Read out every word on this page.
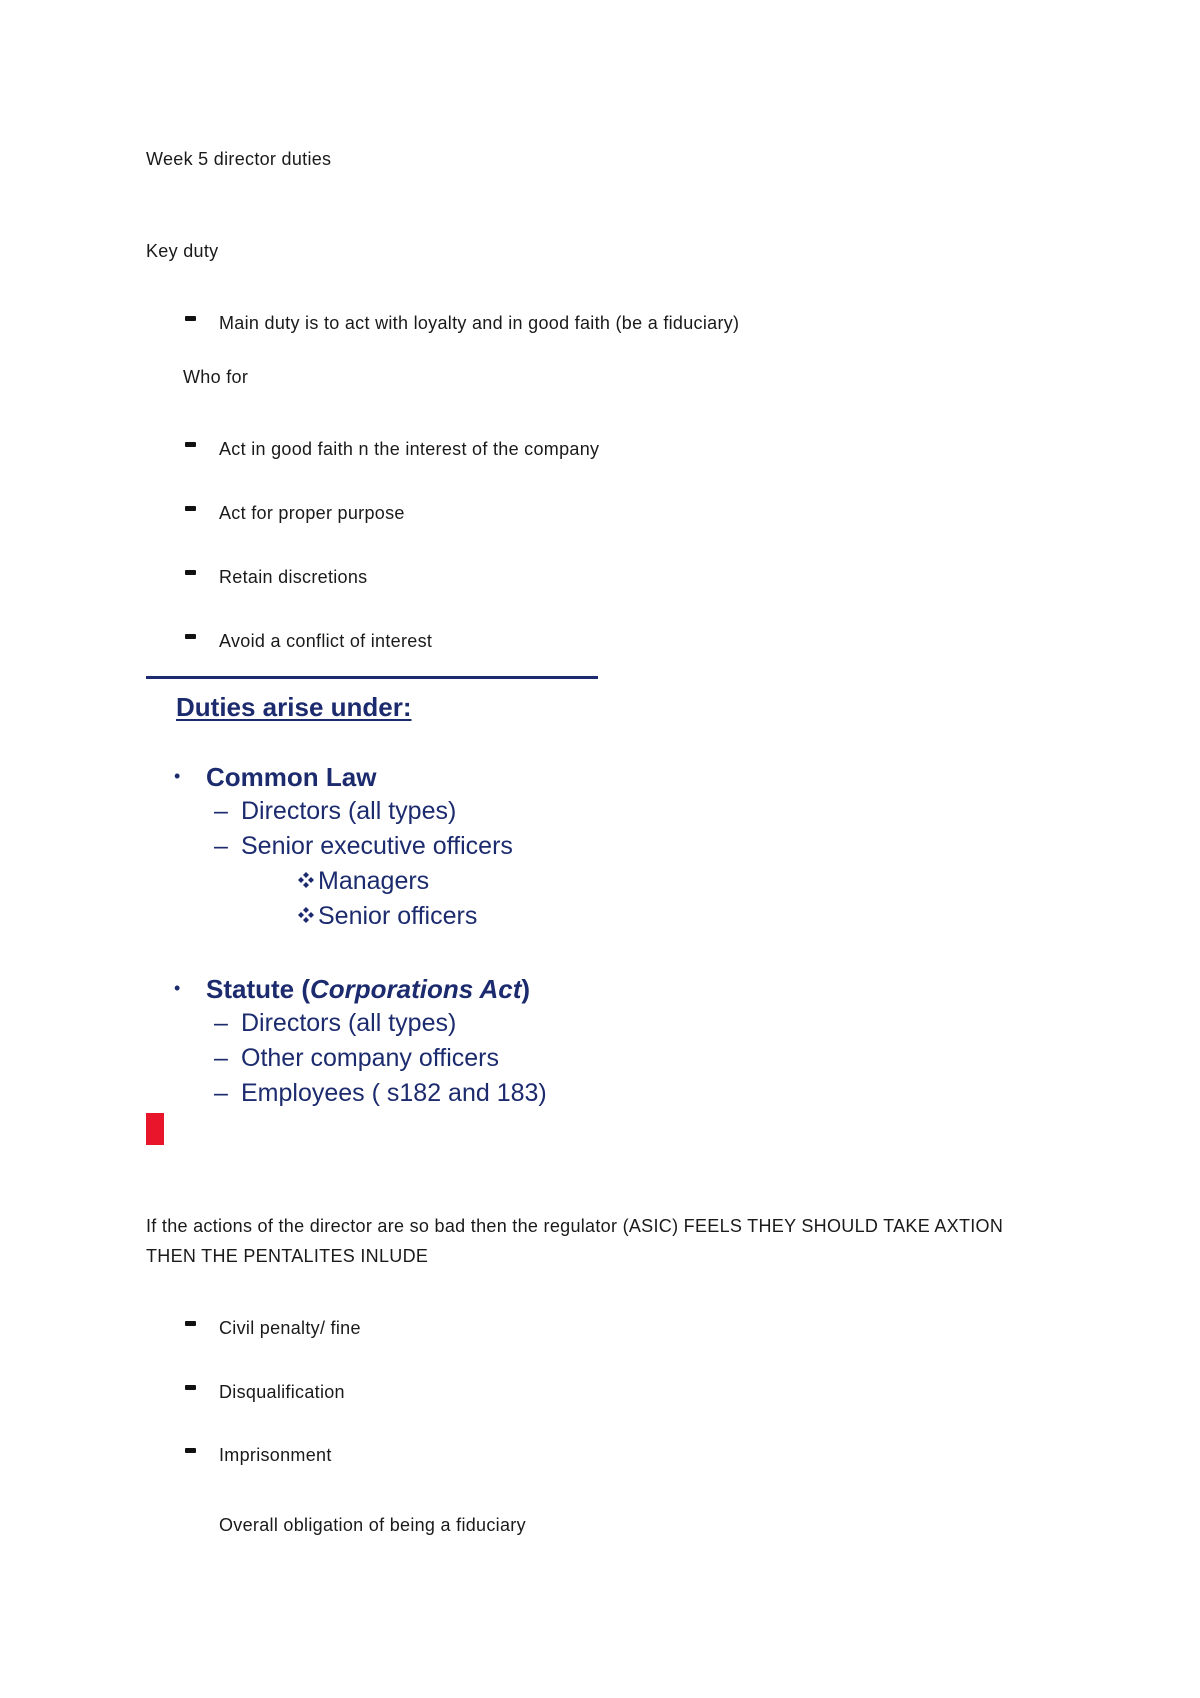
Week 5 director duties
Key duty
Main duty is to act with loyalty and in good faith (be a fiduciary)
Who for
Act in good faith n the interest of the company
Act for proper purpose
Retain discretions
Avoid a conflict of interest
Duties arise under:
• Common Law
– Directors (all types)
– Senior executive officers
Managers
Senior officers
• Statute (Corporations Act)
– Directors (all types)
– Other company officers
– Employees ( s182 and 183)
If the actions of the director are so bad then the regulator (ASIC) FEELS THEY SHOULD TAKE AXTION
THEN THE PENTALITES INLUDE
Civil penalty/ fine
Disqualification
Imprisonment
Overall obligation of being a fiduciary
